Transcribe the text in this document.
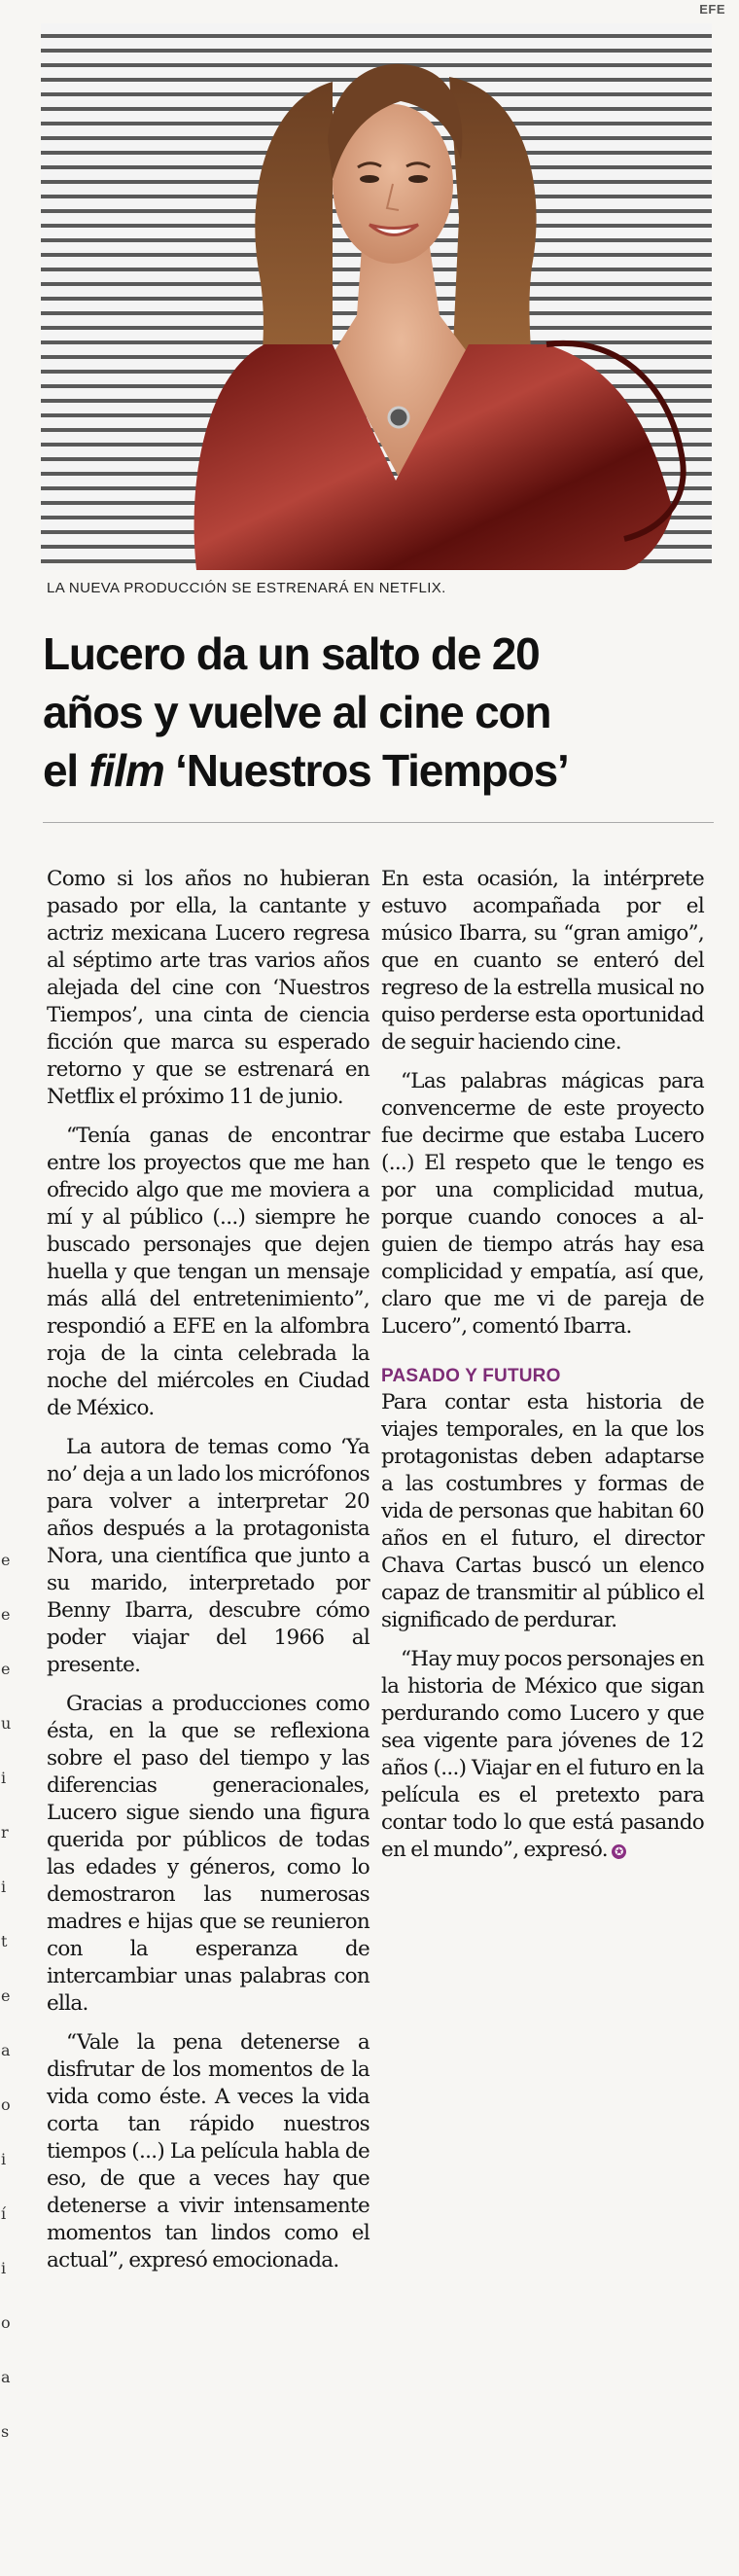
EFE
LA NUEVA PRODUCCIÓN SE ESTRENARÁ EN NETFLIX.
Lucero da un salto de 20
años y vuelve al cine con
el film ‘Nuestros Tiempos’

Como si los años no hubieran pasado por ella, la cantante y actriz mexicana Lucero regresa al séptimo arte tras varios años alejada del cine con ‘Nuestros Tiempos’, una cinta de ciencia ficción que marca su esperado retorno y que se estrenará en Netflix el próximo 11 de junio.

“Tenía ganas de encontrar entre los proyectos que me han ofrecido algo que me moviera a mí y al público (...) siempre he buscado personajes que dejen huella y que tengan un mensaje más allá del entretenimiento”, respondió a EFE en la alfombra roja de la cinta celebrada la noche del miércoles en Ciudad de México.

La autora de temas como ‘Ya no’ deja a un lado los micrófonos para volver a interpretar 20 años después a la protagonista Nora, una científica que junto a su marido, interpretado por Benny Ibarra, descubre cómo poder viajar del 1966 al presente.

Gracias a producciones como ésta, en la que se reflexiona sobre el paso del tiempo y las diferencias generacionales, Lucero sigue siendo una figura querida por públicos de todas las edades y géneros, como lo demostraron las numerosas madres e hijas que se reunieron con la esperanza de intercambiar unas palabras con ella.

“Vale la pena detenerse a disfrutar de los momentos de la vida como éste. A veces la vida corta tan rápido nuestros tiempos (...) La película habla de eso, de que a veces hay que detenerse a vivir intensamente momentos tan lindos como el actual”, expresó emocionada.

En esta ocasión, la intérprete estuvo acompañada por el músico Ibarra, su “gran amigo”, que en cuanto se enteró del regreso de la estrella musical no quiso perderse esta oportunidad de seguir haciendo cine.

“Las palabras mágicas para convencerme de este proyecto fue decirme que estaba Lucero (...) El respeto que le tengo es por una complicidad mutua, porque cuando conoces a alguien de tiempo atrás hay esa complicidad y empatía, así que, claro que me vi de pareja de Lucero”, comentó Ibarra.

PASADO Y FUTURO

Para contar esta historia de viajes temporales, en la que los protagonistas deben adaptarse a las costumbres y formas de vida de personas que habitan 60 años en el futuro, el director Chava Cartas buscó un elenco capaz de transmitir al público el significado de perdurar.

“Hay muy pocos personajes en la historia de México que sigan perdurando como Lucero y que sea vigente para jóvenes de 12 años (...) Viajar en el futuro en la película es el pretexto para contar todo lo que está pasando en el mundo”, expresó. ✪

e
e
e
u
i
r
i
t
e
a
o
i
í
i
o
a
s
